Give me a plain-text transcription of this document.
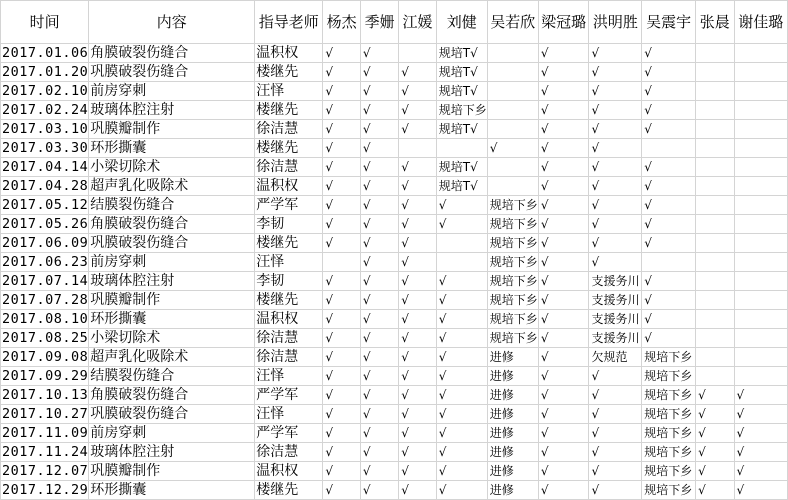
时间	内容	指导老师	杨杰	季姗	江媛	刘健	吴若欣	梁冠璐	洪明胜	吴震宇	张晨	谢佳璐
2017.01.06	角膜破裂伤缝合	温积权	√	√		规培T√		√	√	√		
2017.01.20	巩膜破裂伤缝合	楼继先	√	√	√	规培T√		√	√	√		
2017.02.10	前房穿刺	汪怿	√	√	√	规培T√		√	√	√		
2017.02.24	玻璃体腔注射	楼继先	√	√	√	规培下乡		√	√	√		
2017.03.10	巩膜瓣制作	徐洁慧	√	√	√	规培T√		√	√	√		
2017.03.30	环形撕囊	楼继先	√	√			√	√	√			
2017.04.14	小梁切除术	徐洁慧	√	√	√	规培T√		√	√	√		
2017.04.28	超声乳化吸除术	温积权	√	√	√	规培T√		√	√	√		
2017.05.12	结膜裂伤缝合	严学军	√	√	√	√	规培下乡	√	√	√		
2017.05.26	角膜破裂伤缝合	李韧	√	√	√	√	规培下乡	√	√	√		
2017.06.09	巩膜破裂伤缝合	楼继先	√	√	√		规培下乡	√	√	√		
2017.06.23	前房穿刺	汪怿		√	√		规培下乡	√	√			
2017.07.14	玻璃体腔注射	李韧	√	√	√	√	规培下乡	√	支援务川	√		
2017.07.28	巩膜瓣制作	楼继先	√	√	√	√	规培下乡	√	支援务川	√		
2017.08.10	环形撕囊	温积权	√	√	√	√	规培下乡	√	支援务川	√		
2017.08.25	小梁切除术	徐洁慧	√	√	√	√	规培下乡	√	支援务川	√		
2017.09.08	超声乳化吸除术	徐洁慧	√	√	√	√	进修	√	欠规范	规培下乡		
2017.09.29	结膜裂伤缝合	汪怿	√	√	√	√	进修	√	√	规培下乡		
2017.10.13	角膜破裂伤缝合	严学军	√	√	√	√	进修	√	√	规培下乡	√	√
2017.10.27	巩膜破裂伤缝合	汪怿	√	√	√	√	进修	√	√	规培下乡	√	√
2017.11.09	前房穿刺	严学军	√	√	√	√	进修	√	√	规培下乡	√	√
2017.11.24	玻璃体腔注射	徐洁慧	√	√	√	√	进修	√	√	规培下乡	√	√
2017.12.07	巩膜瓣制作	温积权	√	√	√	√	进修	√	√	规培下乡	√	√
2017.12.29	环形撕囊	楼继先	√	√	√	√	进修	√	√	规培下乡	√	√
